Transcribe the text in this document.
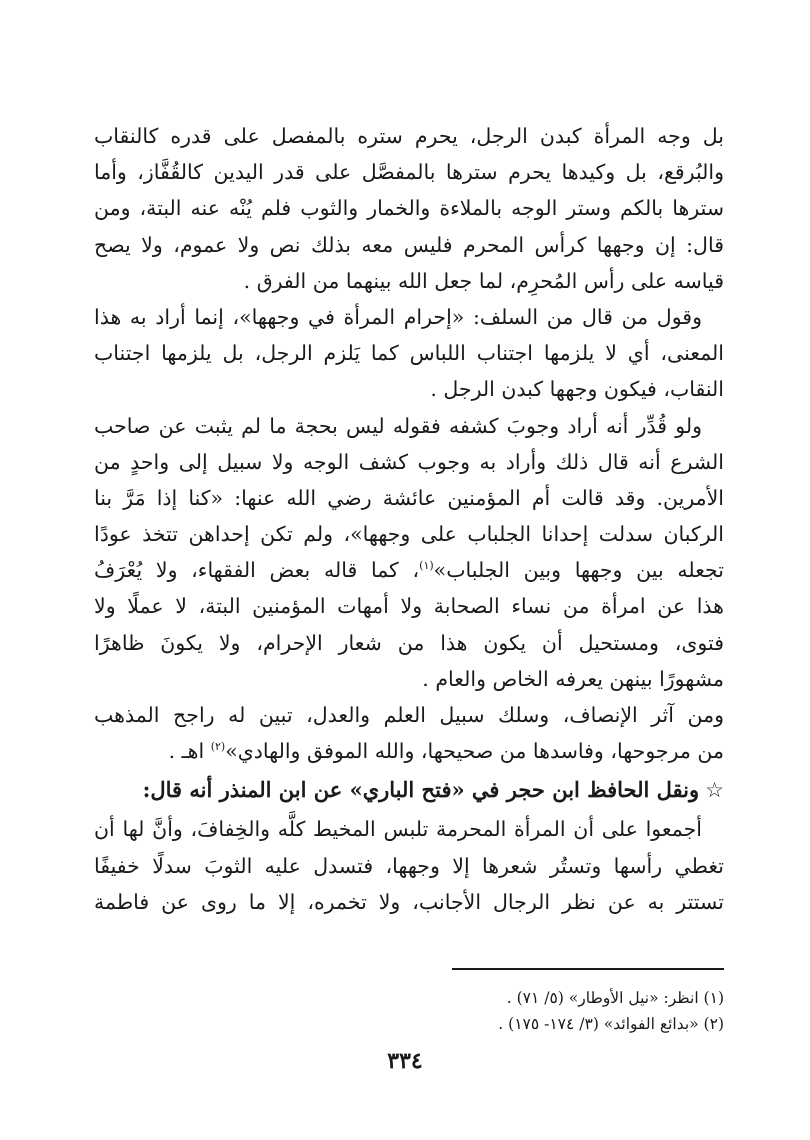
بل وجه المرأة كبدن الرجل، يحرم ستره بالمفصل على قدره كالنقاب
والبُرقع، بل وكيدها يحرم سترها بالمفصَّل على قدر اليدين كالقُفَّاز، وأما
سترها بالكم وستر الوجه بالملاءة والخمار والثوب فلم يُنْه عنه البتة، ومن
قال: إن وجهها كرأس المحرم فليس معه بذلك نص ولا عموم، ولا يصح
قياسه على رأس المُحرِم، لما جعل الله بينهما من الفرق .
وقول من قال من السلف: «إحرام المرأة في وجهها»، إنما أراد به هذا
المعنى، أي لا يلزمها اجتناب اللباس كما يَلزم الرجل، بل يلزمها اجتناب
النقاب، فيكون وجهها كبدن الرجل .
ولو قُدِّر أنه أراد وجوبَ كشفه فقوله ليس بحجة ما لم يثبت عن صاحب
الشرع أنه قال ذلك وأراد به وجوب كشف الوجه ولا سبيل إلى واحدٍ من
الأمرين. وقد قالت أم المؤمنين عائشة رضي الله عنها: «كنا إذا مَرَّ بنا
الركبان سدلت إحدانا الجلباب على وجهها»، ولم تكن إحداهن تتخذ عودًا
تجعله بين وجهها وبين الجلباب»$^{(١)}$، كما قاله بعض الفقهاء، ولا يُعْرَفُ
هذا عن امرأة من نساء الصحابة ولا أمهات المؤمنين البتة، لا عملًا ولا
فتوى، ومستحيل أن يكون هذا من شعار الإحرام، ولا يكونَ ظاهرًا
مشهورًا بينهن يعرفه الخاص والعام .
ومن آثر الإنصاف، وسلك سبيل العلم والعدل، تبين له راجح المذهب
من مرجوحها، وفاسدها من صحيحها، والله الموفق والهادي»$^{(٢)}$ اهـ .
☆ونقل الحافظ ابن حجر في «فتح الباري» عن ابن المنذر أنه قال:
أجمعوا على أن المرأة المحرمة تلبس المخيط كلَّه والخِفافَ، وأنَّ لها أن
تغطي رأسها وتستُر شعرها إلا وجهها، فتسدل عليه الثوبَ سدلًا خفيفًا
تستتر به عن نظر الرجال الأجانب، ولا تخمره، إلا ما روى عن فاطمة
(١) انظر: «نيل الأوطار» (٥/ ٧١) .
(٢) «بدائع الفوائد» (٣/ ١٧٤- ١٧٥) .
٣٣٤
